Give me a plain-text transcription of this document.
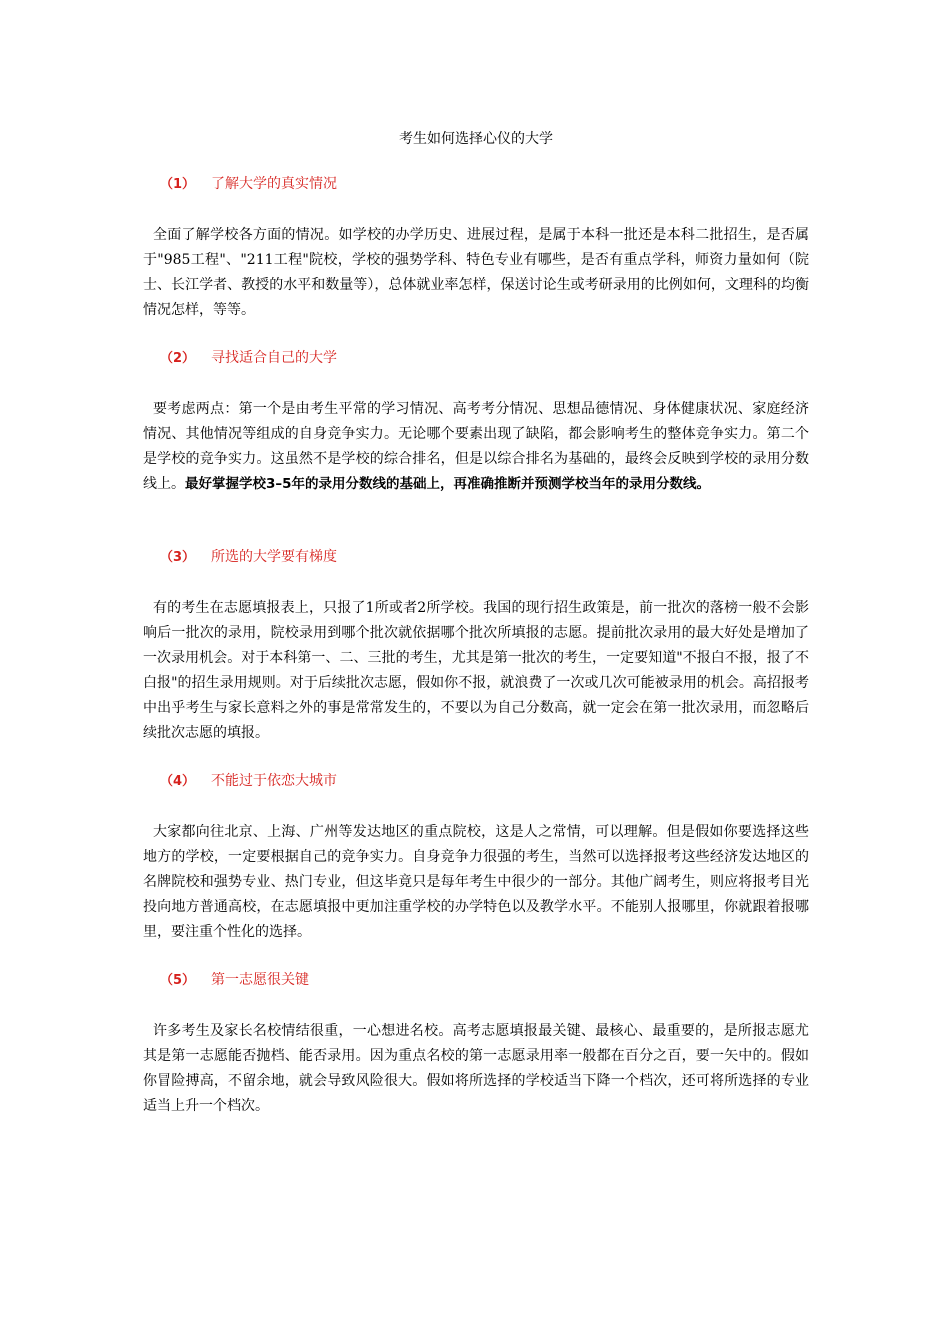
考生如何选择心仪的大学
（1） 了解大学的真实情况
全面了解学校各方面的情况。如学校的办学历史、进展过程，是属于本科一批还是本科二批招生，是否属于"985工程"、"211工程"院校，学校的强势学科、特色专业有哪些，是否有重点学科，师资力量如何（院士、长江学者、教授的水平和数量等），总体就业率怎样，保送讨论生或考研录用的比例如何，文理科的均衡情况怎样，等等。
（2） 寻找适合自己的大学
要考虑两点：第一个是由考生平常的学习情况、高考考分情况、思想品德情况、身体健康状况、家庭经济情况、其他情况等组成的自身竞争实力。无论哪个要素出现了缺陷，都会影响考生的整体竞争实力。第二个是学校的竞争实力。这虽然不是学校的综合排名，但是以综合排名为基础的，最终会反映到学校的录用分数线上。最好掌握学校3–5年的录用分数线的基础上，再准确推断并预测学校当年的录用分数线。
（3） 所选的大学要有梯度
有的考生在志愿填报表上，只报了1所或者2所学校。我国的现行招生政策是，前一批次的落榜一般不会影响后一批次的录用，院校录用到哪个批次就依据哪个批次所填报的志愿。提前批次录用的最大好处是增加了一次录用机会。对于本科第一、二、三批的考生，尤其是第一批次的考生，一定要知道"不报白不报，报了不白报"的招生录用规则。对于后续批次志愿，假如你不报，就浪费了一次或几次可能被录用的机会。高招报考中出乎考生与家长意料之外的事是常常发生的，不要以为自己分数高，就一定会在第一批次录用，而忽略后续批次志愿的填报。
（4） 不能过于依恋大城市
大家都向往北京、上海、广州等发达地区的重点院校，这是人之常情，可以理解。但是假如你要选择这些地方的学校，一定要根据自己的竞争实力。自身竞争力很强的考生，当然可以选择报考这些经济发达地区的名牌院校和强势专业、热门专业，但这毕竟只是每年考生中很少的一部分。其他广阔考生，则应将报考目光投向地方普通高校，在志愿填报中更加注重学校的办学特色以及教学水平。不能别人报哪里，你就跟着报哪里，要注重个性化的选择。
（5） 第一志愿很关键
许多考生及家长名校情结很重，一心想进名校。高考志愿填报最关键、最核心、最重要的，是所报志愿尤其是第一志愿能否抛档、能否录用。因为重点名校的第一志愿录用率一般都在百分之百，要一矢中的。假如你冒险搏高，不留余地，就会导致风险很大。假如将所选择的学校适当下降一个档次，还可将所选择的专业适当上升一个档次。
